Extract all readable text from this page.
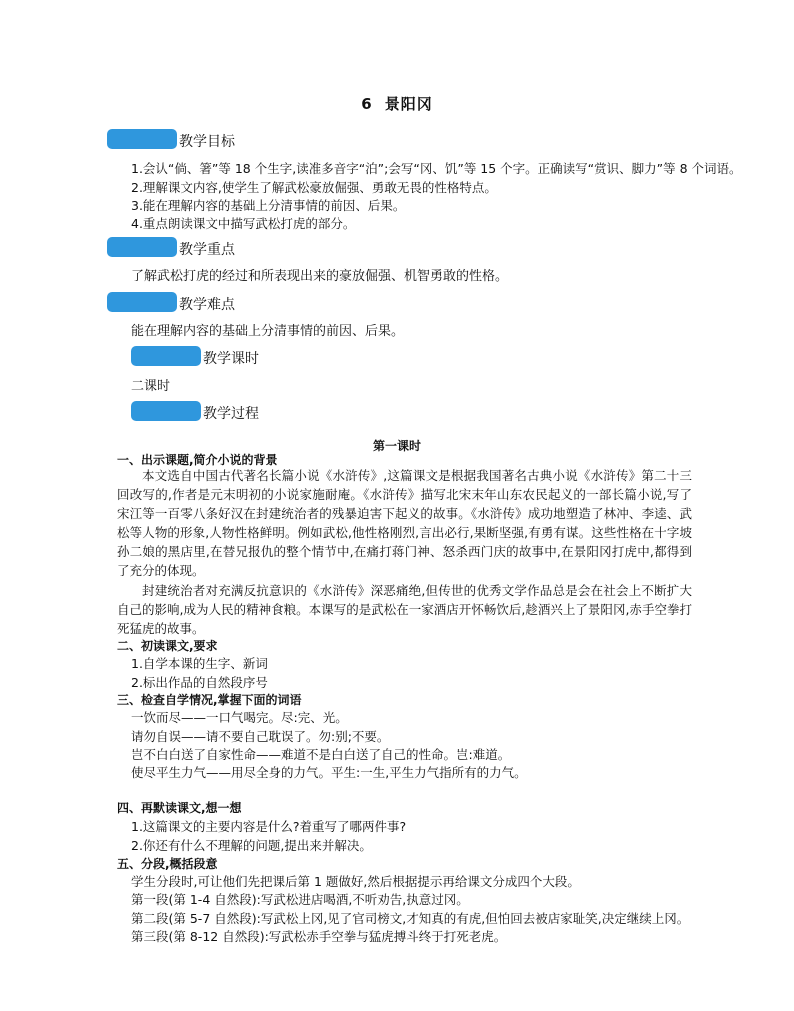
6 景阳冈
教学目标
1.会认“倘、箸”等 18 个生字,读准多音字“泊”;会写“冈、饥”等 15 个字。正确读写“赏识、脚力”等 8 个词语。
2.理解课文内容,使学生了解武松豪放倔强、勇敢无畏的性格特点。
3.能在理解内容的基础上分清事情的前因、后果。
4.重点朗读课文中描写武松打虎的部分。
教学重点
了解武松打虎的经过和所表现出来的豪放倔强、机智勇敢的性格。
教学难点
能在理解内容的基础上分清事情的前因、后果。
教学课时
二课时
教学过程
第一课时
一、出示课题,简介小说的背景
本文选自中国古代著名长篇小说《水浒传》,这篇课文是根据我国著名古典小说《水浒传》第二十三回改写的,作者是元末明初的小说家施耐庵。《水浒传》描写北宋末年山东农民起义的一部长篇小说,写了宋江等一百零八条好汉在封建统治者的残暴迫害下起义的故事。《水浒传》成功地塑造了林冲、李逵、武松等人物的形象,人物性格鲜明。例如武松,他性格刚烈,言出必行,果断坚强,有勇有谋。这些性格在十字坡孙二娘的黑店里,在替兄报仇的整个情节中,在痛打蒋门神、怒杀西门庆的故事中,在景阳冈打虎中,都得到了充分的体现。
封建统治者对充满反抗意识的《水浒传》深恶痛绝,但传世的优秀文学作品总是会在社会上不断扩大自己的影响,成为人民的精神食粮。本课写的是武松在一家酒店开怀畅饮后,趁酒兴上了景阳冈,赤手空拳打死猛虎的故事。
二、初读课文,要求
1.自学本课的生字、新词
2.标出作品的自然段序号
三、检查自学情况,掌握下面的词语
一饮而尽——一口气喝完。尽:完、光。
请勿自误——请不要自己耽误了。勿:别;不要。
岂不白白送了自家性命——难道不是白白送了自己的性命。岂:难道。
使尽平生力气——用尽全身的力气。平生:一生,平生力气指所有的力气。
四、再默读课文,想一想
1.这篇课文的主要内容是什么?着重写了哪两件事?
2.你还有什么不理解的问题,提出来并解决。
五、分段,概括段意
学生分段时,可让他们先把课后第 1 题做好,然后根据提示再给课文分成四个大段。
第一段(第 1-4 自然段):写武松进店喝酒,不听劝告,执意过冈。
第二段(第 5-7 自然段):写武松上冈,见了官司榜文,才知真的有虎,但怕回去被店家耻笑,决定继续上冈。
第三段(第 8-12 自然段):写武松赤手空拳与猛虎搏斗终于打死老虎。
